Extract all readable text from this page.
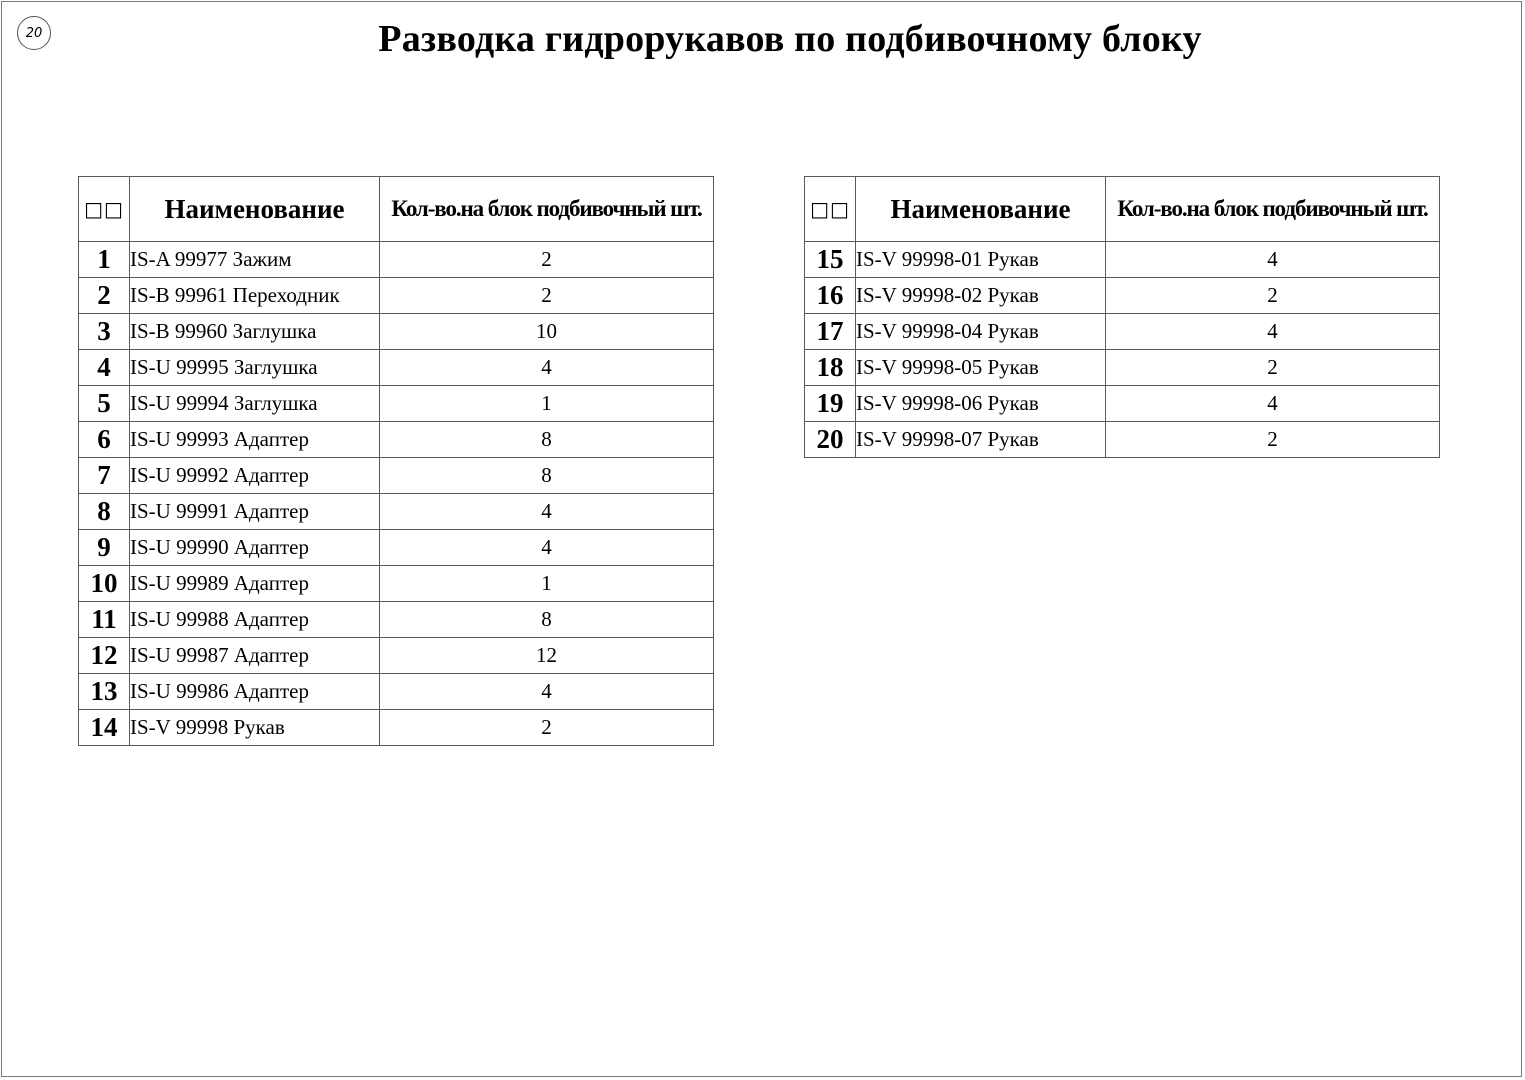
20	Разводка гидрорукавов по подбивочному блоку
□□	Наименование	Кол-во.на блок подбивочный шт.
1	IS-A 99977 Зажим	2
2	IS-B 99961 Переходник	2
3	IS-B 99960 Заглушка	10
4	IS-U 99995 Заглушка	4
5	IS-U 99994 Заглушка	1
6	IS-U 99993 Адаптер	8
7	IS-U 99992 Адаптер	8
8	IS-U 99991 Адаптер	4
9	IS-U 99990 Адаптер	4
10	IS-U 99989 Адаптер	1
11	IS-U 99988 Адаптер	8
12	IS-U 99987 Адаптер	12
13	IS-U 99986 Адаптер	4
14	IS-V 99998 Рукав	2
□□	Наименование	Кол-во.на блок подбивочный шт.
15	IS-V 99998-01 Рукав	4
16	IS-V 99998-02 Рукав	2
17	IS-V 99998-04 Рукав	4
18	IS-V 99998-05 Рукав	2
19	IS-V 99998-06 Рукав	4
20	IS-V 99998-07 Рукав	2
